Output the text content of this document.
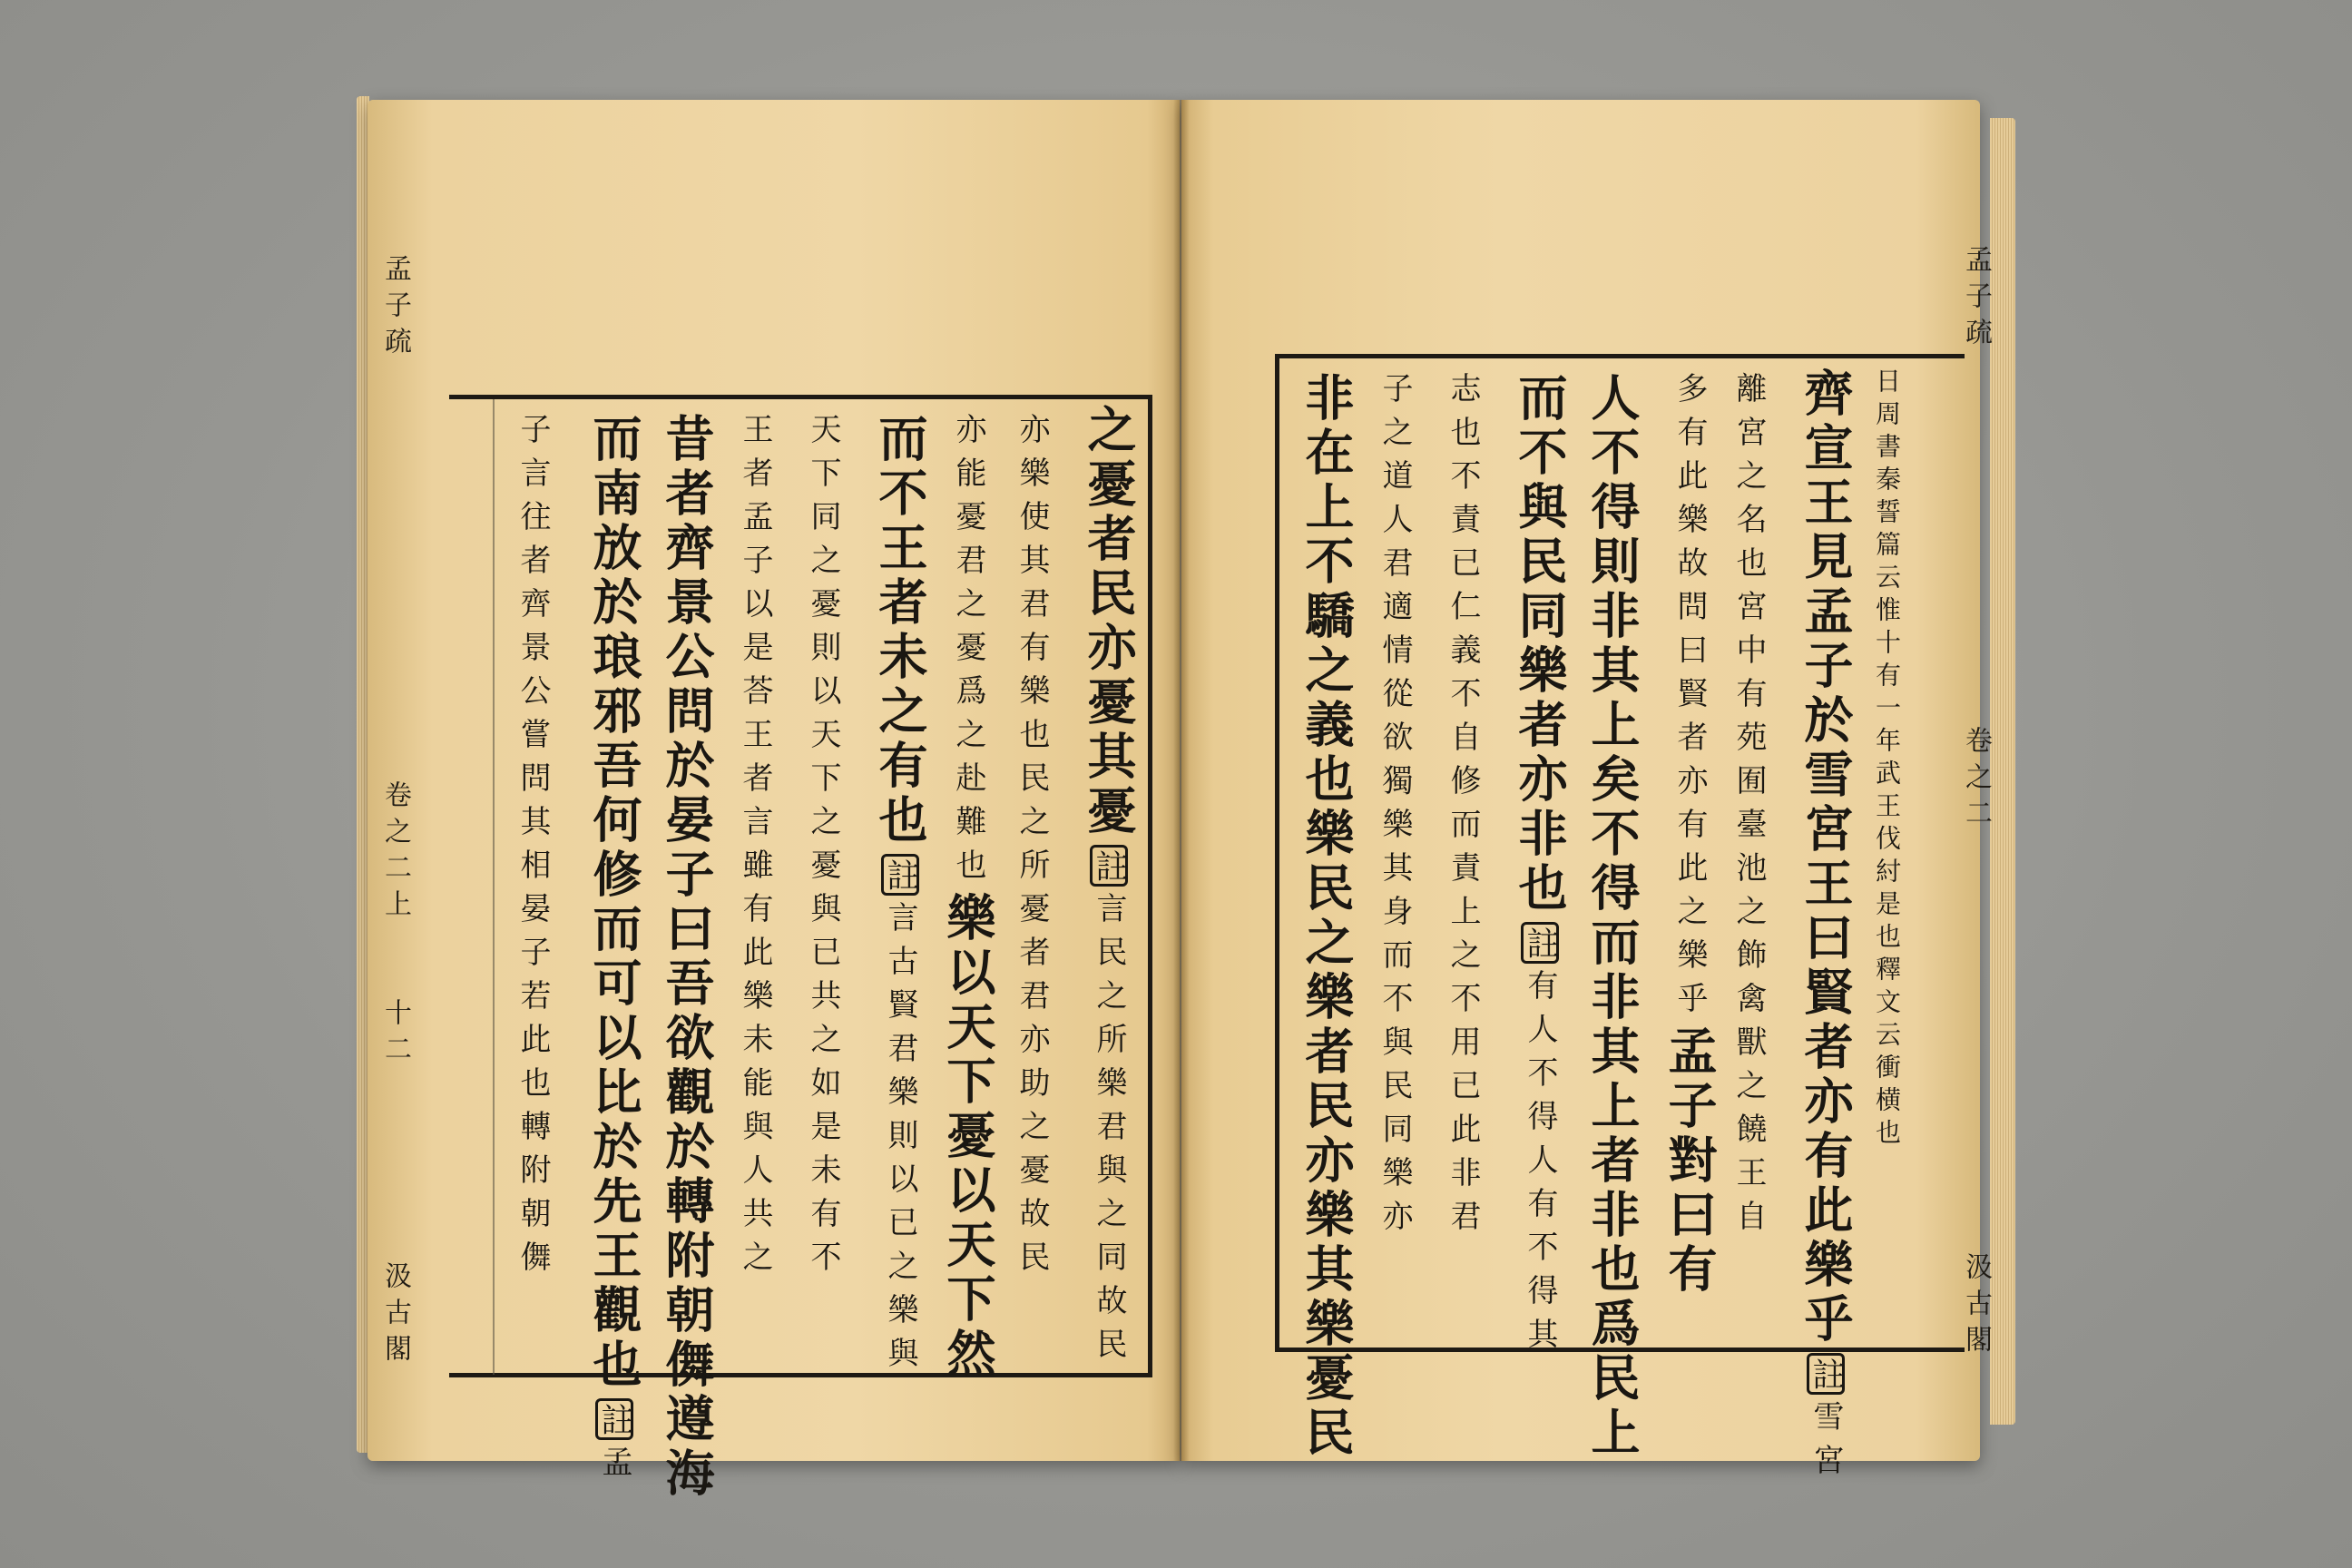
孟子疏
卷之二上
十二
汲古閣
之憂者民亦憂其憂註言民之所樂君與之同故民
亦樂使其君有樂也民之所憂者君亦助之憂故民
亦能憂君之憂爲之赴難也樂以天下憂以天下然
而不王者未之有也註言古賢君樂則以已之樂與
天下同之憂則以天下之憂與已共之如是未有不
王者孟子以是荅王者言雖有此樂未能與人共之
昔者齊景公問於晏子曰吾欲觀於轉附朝儛遵海
而南放於琅邪吾何修而可以比於先王觀也註孟
子言往者齊景公嘗問其相晏子若此也轉附朝儛
孟子疏
卷之二
汲古閣
日周書秦誓篇云惟十有一年武王伐紂是也釋文云衝横也
齊宣王見孟子於雪宮王曰賢者亦有此樂乎註雪宮
離宮之名也宮中有苑囿臺池之飾禽獸之饒王自
多有此樂故問曰賢者亦有此之樂乎孟子對曰有
人不得則非其上矣不得而非其上者非也爲民上
而不與民同樂者亦非也註有人不得人有不得其
志也不責已仁義不自修而責上之不用已此非君
子之道人君適情從欲獨樂其身而不與民同樂亦
非在上不驕之義也樂民之樂者民亦樂其樂憂民
